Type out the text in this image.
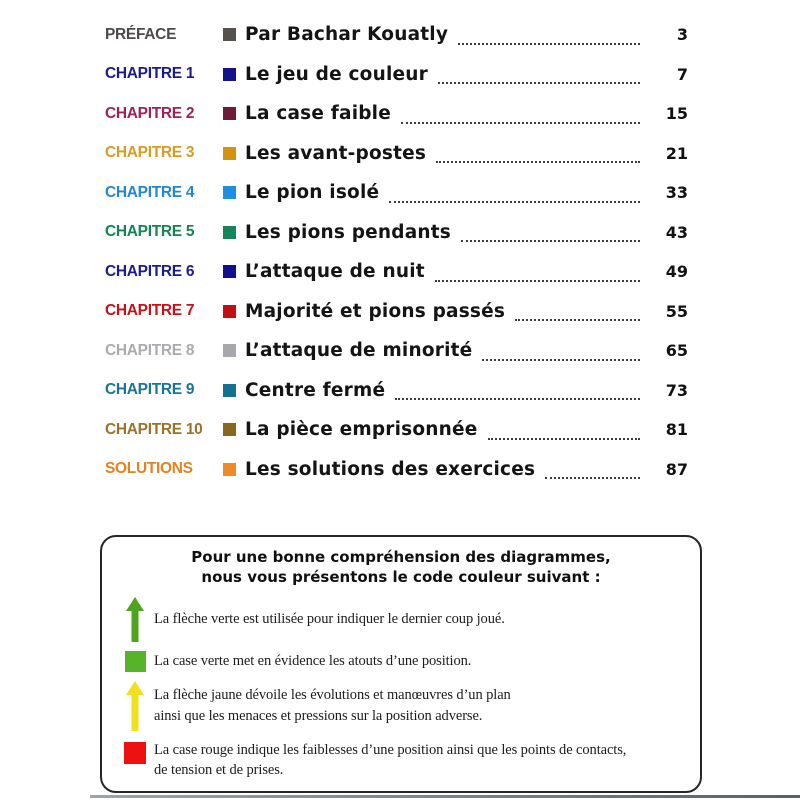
PRÉFACE	Par Bachar Kouatly	3
CHAPITRE 1	Le jeu de couleur	7
CHAPITRE 2	La case faible	15
CHAPITRE 3	Les avant-postes	21
CHAPITRE 4	Le pion isolé	33
CHAPITRE 5	Les pions pendants	43
CHAPITRE 6	L’attaque de nuit	49
CHAPITRE 7	Majorité et pions passés	55
CHAPITRE 8	L’attaque de minorité	65
CHAPITRE 9	Centre fermé	73
CHAPITRE 10	La pièce emprisonnée	81
SOLUTIONS	Les solutions des exercices	87
Pour une bonne compréhension des diagrammes,
nous vous présentons le code couleur suivant :
La flèche verte est utilisée pour indiquer le dernier coup joué.
La case verte met en évidence les atouts d’une position.
La flèche jaune dévoile les évolutions et manœuvres d’un plan
ainsi que les menaces et pressions sur la position adverse.
La case rouge indique les faiblesses d’une position ainsi que les points de contacts,
de tension et de prises.
